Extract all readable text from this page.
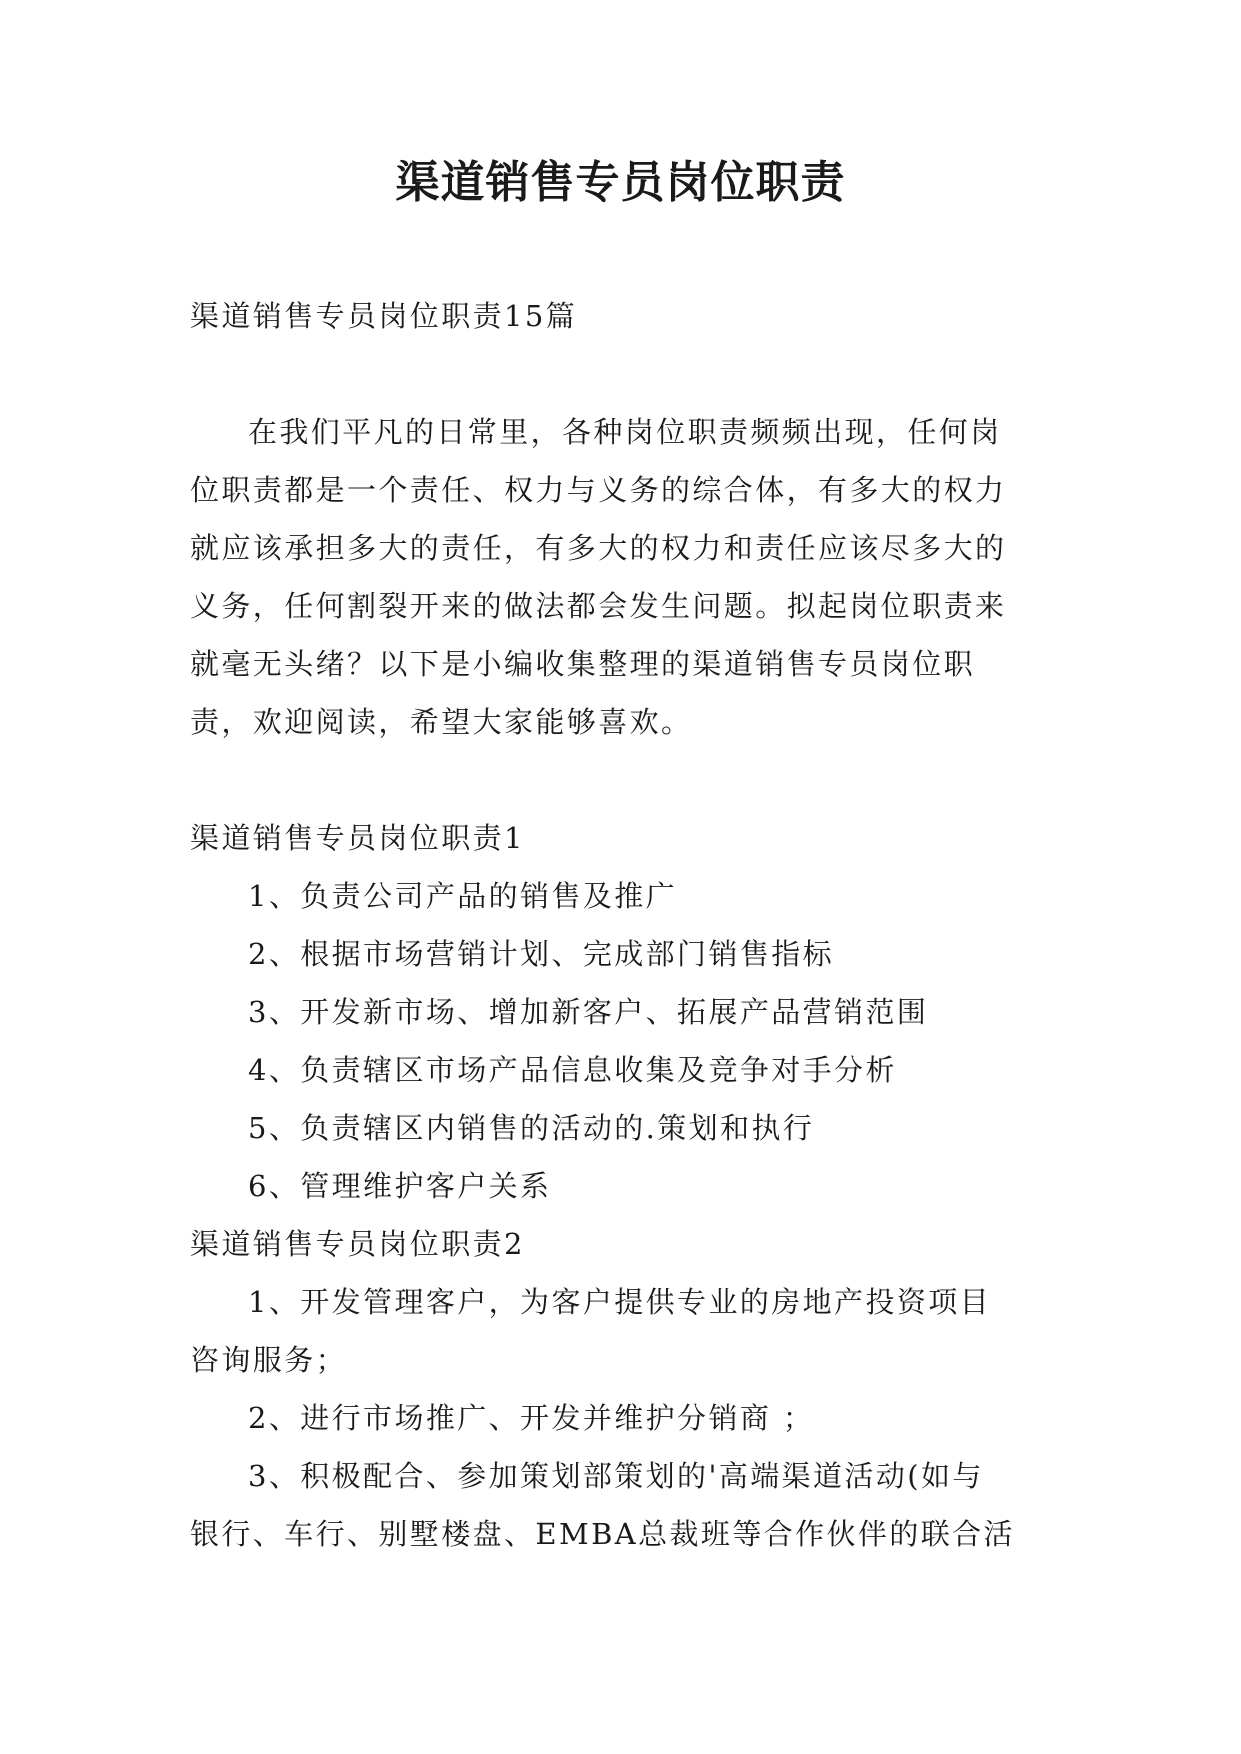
渠道销售专员岗位职责

渠道销售专员岗位职责15篇

在我们平凡的日常里，各种岗位职责频频出现，任何岗

位职责都是一个责任、权力与义务的综合体，有多大的权力

就应该承担多大的责任，有多大的权力和责任应该尽多大的

义务，任何割裂开来的做法都会发生问题。拟起岗位职责来

就毫无头绪？以下是小编收集整理的渠道销售专员岗位职

责，欢迎阅读，希望大家能够喜欢。

渠道销售专员岗位职责1

1、负责公司产品的销售及推广

2、根据市场营销计划、完成部门销售指标

3、开发新市场、增加新客户、拓展产品营销范围

4、负责辖区市场产品信息收集及竞争对手分析

5、负责辖区内销售的活动的.策划和执行

6、管理维护客户关系

渠道销售专员岗位职责2

1、开发管理客户，为客户提供专业的房地产投资项目

咨询服务；

2、进行市场推广、开发并维护分销商 ；

3、积极配合、参加策划部策划的'高端渠道活动(如与

银行、车行、别墅楼盘、EMBA总裁班等合作伙伴的联合活
